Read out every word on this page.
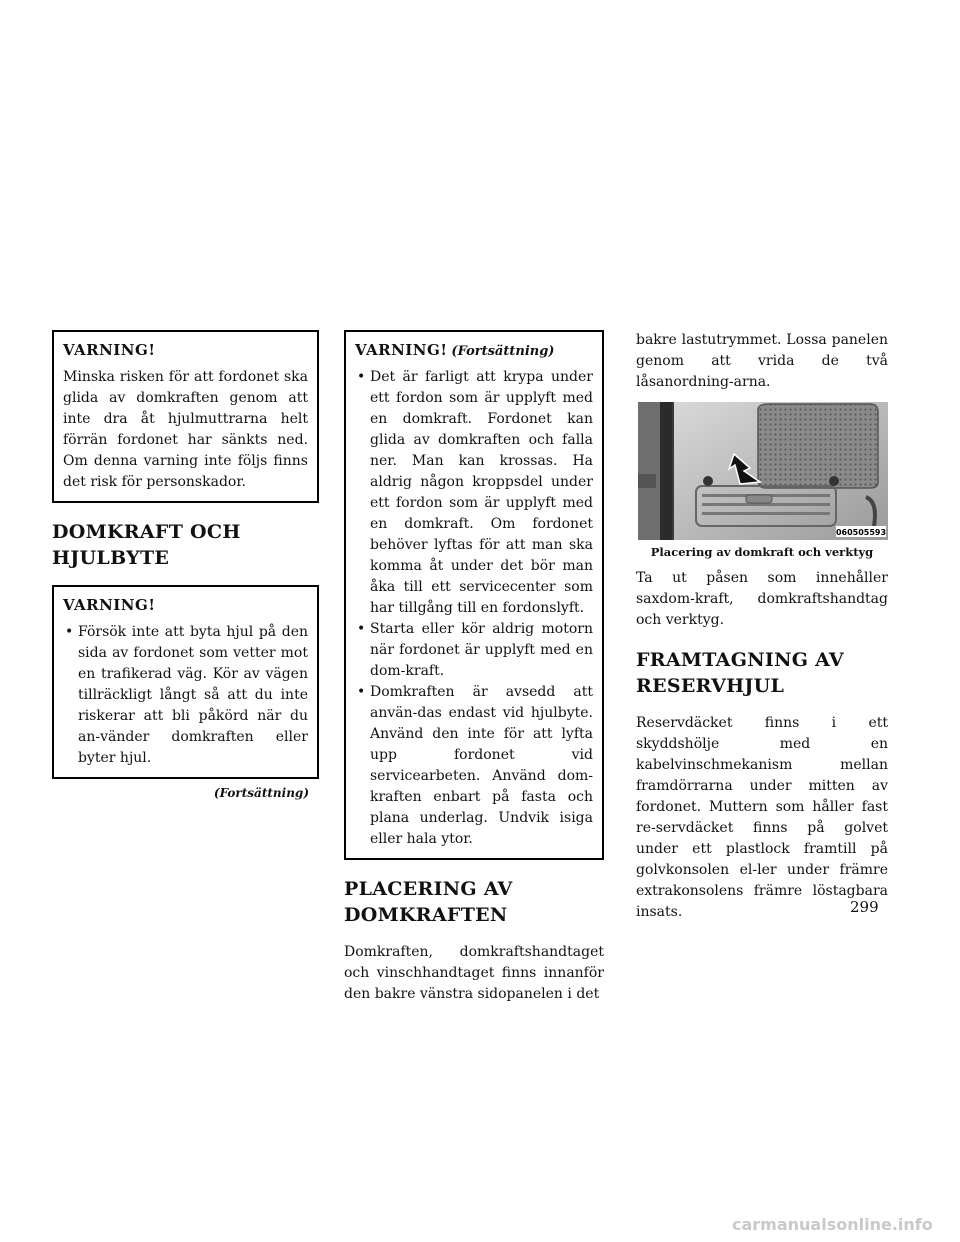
VARNING!

Minska risken för att fordonet ska glida av domkraften genom att inte dra åt hjulmuttrarna helt förrän fordonet har sänkts ned. Om denna varning inte följs finns det risk för personskador.

DOMKRAFT OCH HJULBYTE
VARNING!
• Försök inte att byta hjul på den sida av fordonet som vetter mot en trafikerad väg. Kör av vägen tillräckligt långt så att du inte riskerar att bli påkörd när du an-vänder domkraften eller byter hjul.
(Fortsättning)
VARNING! (Fortsättning)
• Det är farligt att krypa under ett fordon som är upplyft med en domkraft. Fordonet kan glida av domkraften och falla ner. Man kan krossas. Ha aldrig någon kroppsdel under ett fordon som är upplyft med en domkraft. Om fordonet behöver lyftas för att man ska komma åt under det bör man åka till ett servicecenter som har tillgång till en fordonslyft.
• Starta eller kör aldrig motorn när fordonet är upplyft med en dom-kraft.
• Domkraften är avsedd att använ-das endast vid hjulbyte. Använd den inte för att lyfta upp fordonet vid servicearbeten. Använd dom-kraften enbart på fasta och plana underlag. Undvik isiga eller hala ytor.
PLACERING AV DOMKRAFTEN

Domkraften, domkraftshandtaget och vinschhandtaget finns innanför den bakre vänstra sidopanelen i det

bakre lastutrymmet. Lossa panelen genom att vrida de två låsanordning-arna.

060505593
Placering av domkraft och verktyg

Ta ut påsen som innehåller saxdom-kraft, domkraftshandtag och verktyg.

FRAMTAGNING AV RESERVHJUL

Reservdäcket finns i ett skyddshölje med en kabelvinschmekanism mellan framdörrarna under mitten av fordonet. Muttern som håller fast re-servdäcket finns på golvet under ett plastlock framtill på golvkonsolen el-ler under främre extrakonsolens främre löstagbara insats.	299
carmanualsonline.info
